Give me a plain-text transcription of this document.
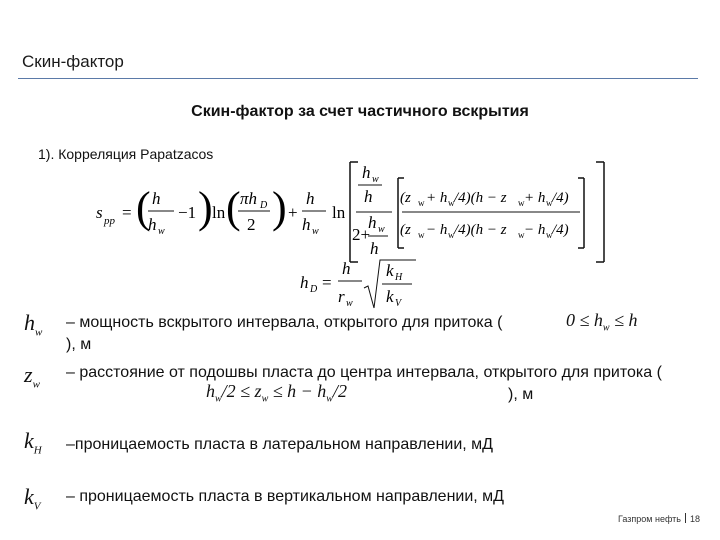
Скин-фактор
Скин-фактор за счет частичного вскрытия
1). Корреляция Papatzacos
s pp = ( h
h w
−1 ) ln ( πh D
2 ) +
h
h w
ln
h w
h
2+
h w
h
(z w + h w /4)(h − z w + h w /4)
(z w − h w /4)(h − z w − h w /4)
h D =
h
r w
k H
k V
$h_w$
– мощность вскрытого интервала, открытого для притока (	$0 \le h_w \le h$
), м
$z_w$
– расстояние от подошвы пласта до центра интервала, открытого для притока (
$h_w/2 \le z_w \le h - h_w/2$	), м
$k_H$ –проницаемость пласта в латеральном направлении, мД
$k_V$
– проницаемость пласта в вертикальном направлении, мД
Газпром нефть 18
